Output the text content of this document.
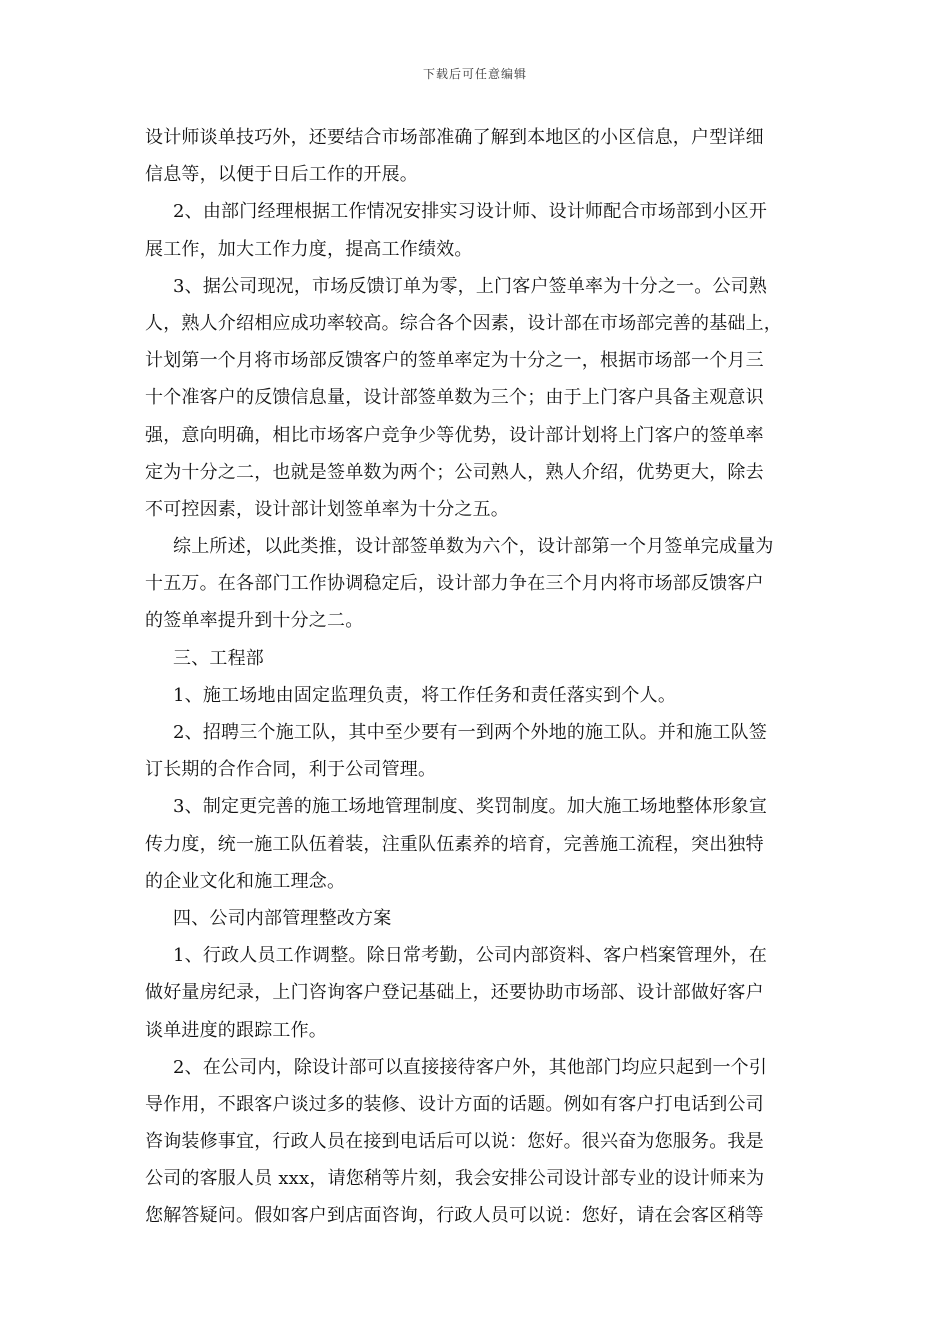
下载后可任意编辑
设计师谈单技巧外，还要结合市场部准确了解到本地区的小区信息，户型详细
信息等，以便于日后工作的开展。
2、由部门经理根据工作情况安排实习设计师、设计师配合市场部到小区开
展工作，加大工作力度，提高工作绩效。
3、据公司现况，市场反馈订单为零，上门客户签单率为十分之一。公司熟
人，熟人介绍相应成功率较高。综合各个因素，设计部在市场部完善的基础上，
计划第一个月将市场部反馈客户的签单率定为十分之一，根据市场部一个月三
十个准客户的反馈信息量，设计部签单数为三个；由于上门客户具备主观意识
强，意向明确，相比市场客户竞争少等优势，设计部计划将上门客户的签单率
定为十分之二，也就是签单数为两个；公司熟人，熟人介绍，优势更大，除去
不可控因素，设计部计划签单率为十分之五。
综上所述，以此类推，设计部签单数为六个，设计部第一个月签单完成量为
十五万。在各部门工作协调稳定后，设计部力争在三个月内将市场部反馈客户
的签单率提升到十分之二。
三、工程部
1、施工场地由固定监理负责，将工作任务和责任落实到个人。
2、招聘三个施工队，其中至少要有一到两个外地的施工队。并和施工队签
订长期的合作合同，利于公司管理。
3、制定更完善的施工场地管理制度、奖罚制度。加大施工场地整体形象宣
传力度，统一施工队伍着装，注重队伍素养的培育，完善施工流程，突出独特
的企业文化和施工理念。
四、公司内部管理整改方案
1、行政人员工作调整。除日常考勤，公司内部资料、客户档案管理外，在
做好量房纪录，上门咨询客户登记基础上，还要协助市场部、设计部做好客户
谈单进度的跟踪工作。
2、在公司内，除设计部可以直接接待客户外，其他部门均应只起到一个引
导作用，不跟客户谈过多的装修、设计方面的话题。例如有客户打电话到公司
咨询装修事宜，行政人员在接到电话后可以说：您好。很兴奋为您服务。我是
公司的客服人员 xxx，请您稍等片刻，我会安排公司设计部专业的设计师来为
您解答疑问。假如客户到店面咨询，行政人员可以说：您好，请在会客区稍等
